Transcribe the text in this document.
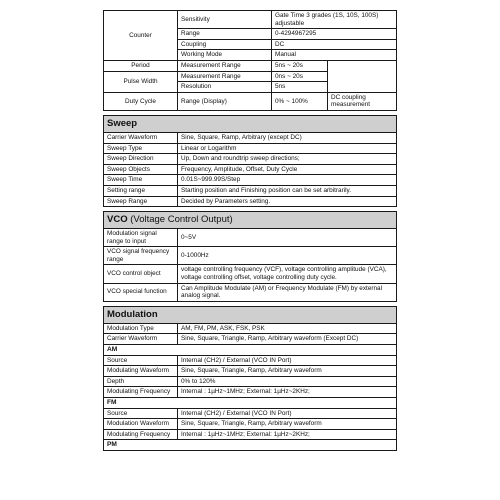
Counter	Sensitivity	Gate Time 3 grades (1S, 10S, 100S) adjustable	
	Range	0-4294967295	
	Coupling	DC	
	Working Mode	Manual	
Period	Measurement Range	5ns ~ 20s	
Pulse Width	Measurement Range	0ns ~ 20s	
	Resolution	5ns	
Duty Cycle	Range (Display)	0% ~ 100%	DC coupling measurement
Sweep	
Carrier Waveform	Sine, Square, Ramp, Arbitrary (except DC)
Sweep Type	Linear or Logarithm
Sweep Direction	Up, Down and roundtrip sweep directions;
Sweep Objects	Frequency, Amplitude, Offset, Duty Cycle
Sweep Time	0.01S~999.99S/Step
Setting range	Starting position and Finishing position can be set arbitrarily.
Sweep Range	Decided by Parameters setting.
VCO (Voltage Control Output)	
Modulation signal range to input	0~5V
VCO signal frequency range	0-1000Hz
VCO control object	voltage controlling frequency (VCF), voltage controlling amplitude (VCA), voltage controlling offset, voltage controlling duty cycle.
VCO special function	Can Amplitude Modulate (AM) or Frequency Modulate (FM) by external analog signal.
Modulation	
Modulation Type	AM, FM, PM, ASK, FSK, PSK
Carrier Waveform	Sine, Square, Triangle, Ramp, Arbitrary waveform (Except DC)
AM	
Source	Internal (CH2) / External (VCO IN Port)
Modulating Waveform	Sine, Square, Triangle, Ramp, Arbitrary waveform
Depth	0% to 120%
Modulating Frequency	Internal : 1µHz~1MHz; External: 1µHz~2KHz;
FM	
Source	Internal (CH2) / External (VCO IN Port)
Modulation Waveform	Sine, Square, Triangle, Ramp, Arbitrary waveform
Modulating Frequency	Internal : 1µHz~1MHz; External: 1µHz~2KHz;
PM	
